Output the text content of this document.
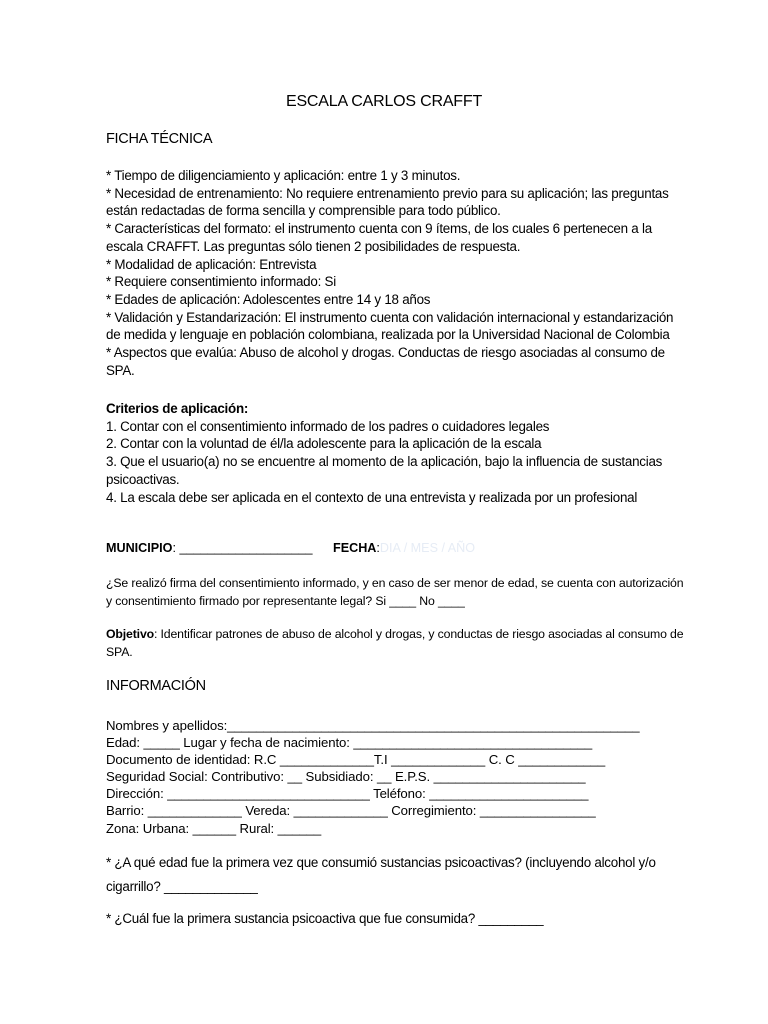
ESCALA CARLOS CRAFFT
FICHA TÉCNICA
* Tiempo de diligenciamiento y aplicación: entre 1 y 3 minutos.
* Necesidad de entrenamiento: No requiere entrenamiento previo para su aplicación; las preguntas
están redactadas de forma sencilla y comprensible para todo público.
* Características del formato: el instrumento cuenta con 9 ítems, de los cuales 6 pertenecen a la
escala CRAFFT. Las preguntas sólo tienen 2 posibilidades de respuesta.
* Modalidad de aplicación: Entrevista
* Requiere consentimiento informado: Si
* Edades de aplicación: Adolescentes entre 14 y 18 años
* Validación y Estandarización: El instrumento cuenta con validación internacional y estandarización
de medida y lenguaje en población colombiana, realizada por la Universidad Nacional de Colombia
* Aspectos que evalúa: Abuso de alcohol y drogas. Conductas de riesgo asociadas al consumo de
SPA.
Criterios de aplicación:
1. Contar con el consentimiento informado de los padres o cuidadores legales
2. Contar con la voluntad de él/la adolescente para la aplicación de la escala
3. Que el usuario(a) no se encuentre al momento de la aplicación, bajo la influencia de sustancias
psicoactivas.
4. La escala debe ser aplicada en el contexto de una entrevista y realizada por un profesional
MUNICIPIO: ___________________ FECHA:DIA / MES / AÑO
¿Se realizó firma del consentimiento informado, y en caso de ser menor de edad, se cuenta con autorización
y consentimiento firmado por representante legal? Si ____ No ____
Objetivo: Identificar patrones de abuso de alcohol y drogas, y conductas de riesgo asociadas al consumo de
SPA.
INFORMACIÓN
Nombres y apellidos:_________________________________________________________
Edad: _____ Lugar y fecha de nacimiento: _________________________________
Documento de identidad: R.C _____________T.I _____________ C. C ____________
Seguridad Social: Contributivo: __ Subsidiado: __ E.P.S. _____________________
Dirección: ____________________________ Teléfono: ______________________
Barrio: _____________ Vereda: _____________ Corregimiento: ________________
Zona: Urbana: ______ Rural: ______
* ¿A qué edad fue la primera vez que consumió sustancias psicoactivas? (incluyendo alcohol y/o
cigarrillo? _____________
* ¿Cuál fue la primera sustancia psicoactiva que fue consumida? _________
